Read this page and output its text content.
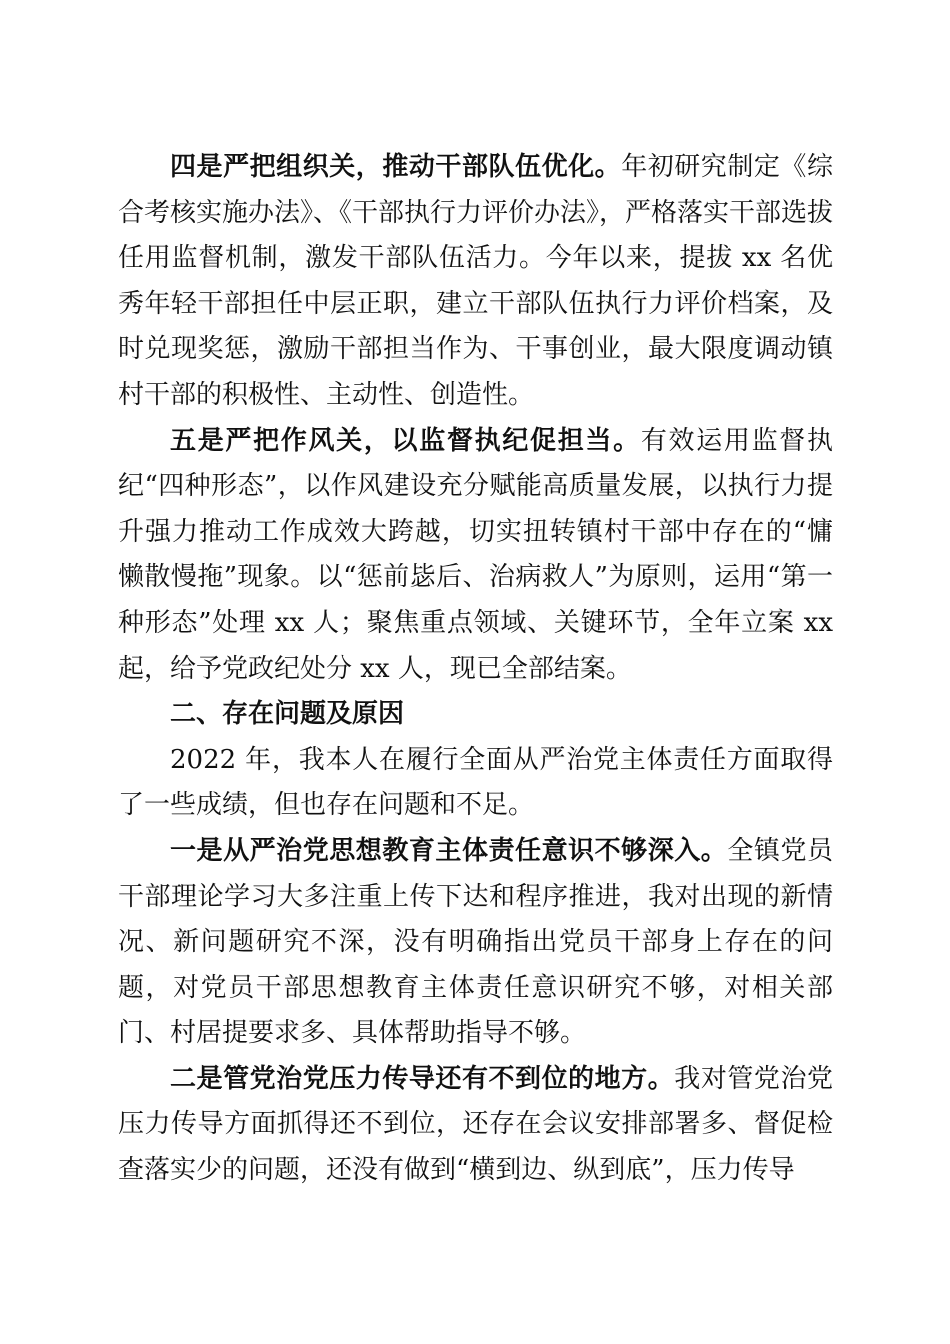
四是严把组织关，推动干部队伍优化。年初研究制定《综合考核实施办法》、《干部执行力评价办法》，严格落实干部选拔任用监督机制，激发干部队伍活力。今年以来，提拔 xx 名优秀年轻干部担任中层正职，建立干部队伍执行力评价档案，及时兑现奖惩，激励干部担当作为、干事创业，最大限度调动镇村干部的积极性、主动性、创造性。

五是严把作风关，以监督执纪促担当。有效运用监督执纪“四种形态”，以作风建设充分赋能高质量发展，以执行力提升强力推动工作成效大跨越，切实扭转镇村干部中存在的“慵懒散慢拖”现象。以“惩前毖后、治病救人”为原则，运用“第一种形态”处理 xx 人；聚焦重点领域、关键环节，全年立案 xx 起，给予党政纪处分 xx 人，现已全部结案。

二、存在问题及原因

2022 年，我本人在履行全面从严治党主体责任方面取得了一些成绩，但也存在问题和不足。

一是从严治党思想教育主体责任意识不够深入。全镇党员干部理论学习大多注重上传下达和程序推进，我对出现的新情况、新问题研究不深，没有明确指出党员干部身上存在的问题，对党员干部思想教育主体责任意识研究不够，对相关部门、村居提要求多、具体帮助指导不够。

二是管党治党压力传导还有不到位的地方。我对管党治党压力传导方面抓得还不到位，还存在会议安排部署多、督促检查落实少的问题，还没有做到“横到边、纵到底”，压力传导
